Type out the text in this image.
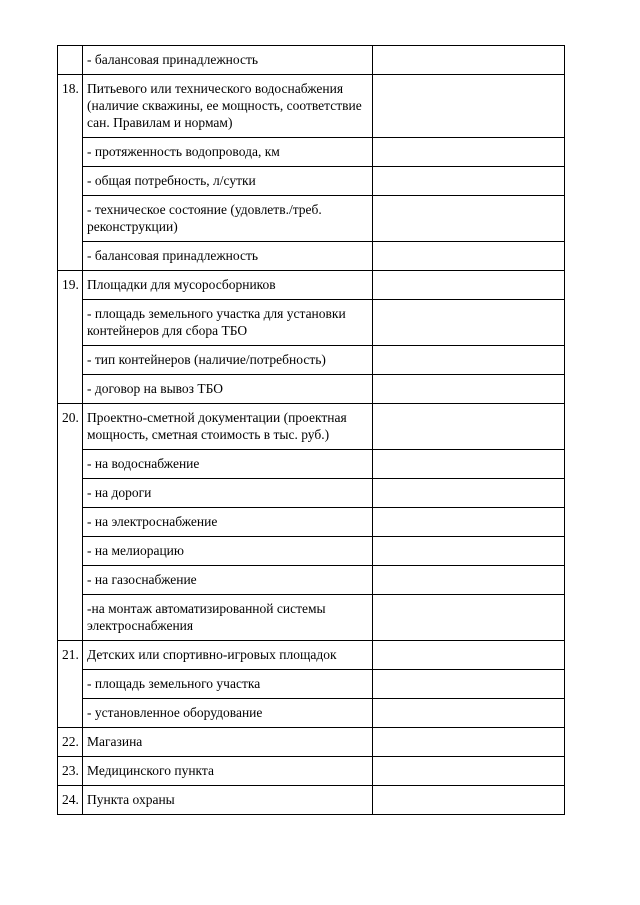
	- балансовая принадлежность	
18.	Питьевого или технического водоснабжения (наличие скважины, ее мощность, соответствие сан. Правилам и нормам)	
	- протяженность водопровода, км	
	- общая потребность, л/сутки	
	- техническое состояние (удовлетв./треб. реконструкции)	
	- балансовая принадлежность	
19.	Площадки для мусоросборников	
	- площадь земельного участка для установки контейнеров для сбора ТБО	
	- тип контейнеров (наличие/потребность)	
	- договор на вывоз ТБО	
20.	Проектно-сметной документации (проектная мощность, сметная стоимость в тыс. руб.)	
	- на водоснабжение	
	- на дороги	
	- на электроснабжение	
	- на мелиорацию	
	- на газоснабжение	
	-на монтаж автоматизированной системы электроснабжения	
21.	Детских или спортивно-игровых площадок	
	- площадь земельного участка	
	- установленное оборудование	
22.	Магазина	
23.	Медицинского пункта	
24.	Пункта охраны	
